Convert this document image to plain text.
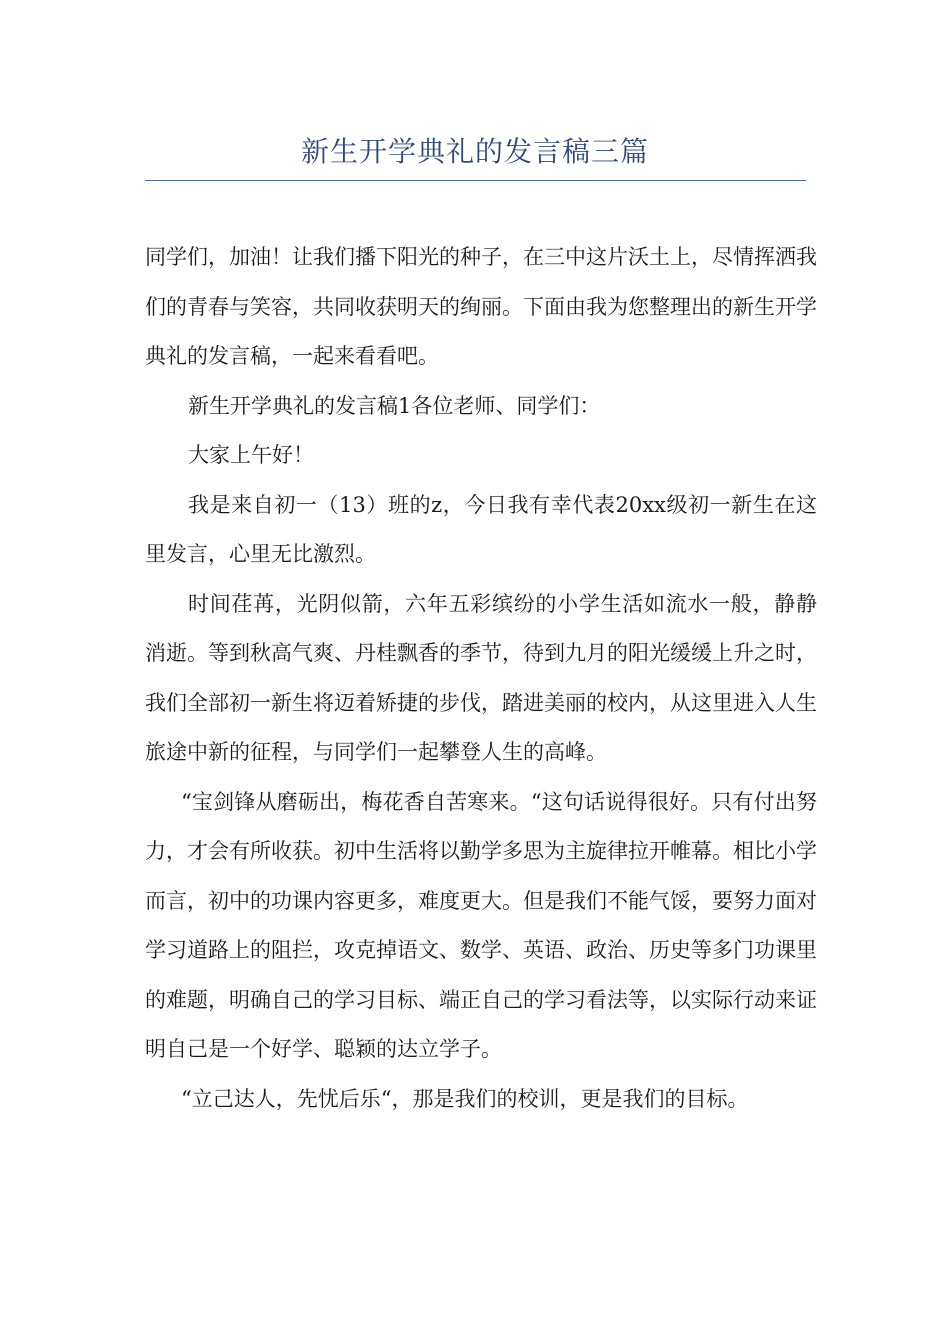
新生开学典礼的发言稿三篇

同学们，加油！让我们播下阳光的种子，在三中这片沃土上，尽情挥洒我们的青春与笑容，共同收获明天的绚丽。下面由我为您整理出的新生开学典礼的发言稿，一起来看看吧。

新生开学典礼的发言稿1各位老师、同学们：

大家上午好！

我是来自初一（13）班的z，今日我有幸代表20xx级初一新生在这里发言，心里无比激烈。

时间荏苒，光阴似箭，六年五彩缤纷的小学生活如流水一般，静静消逝。等到秋高气爽、丹桂飘香的季节，待到九月的阳光缓缓上升之时，我们全部初一新生将迈着矫捷的步伐，踏进美丽的校内，从这里进入人生旅途中新的征程，与同学们一起攀登人生的高峰。

“宝剑锋从磨砺出，梅花香自苦寒来。“这句话说得很好。只有付出努力，才会有所收获。初中生活将以勤学多思为主旋律拉开帷幕。相比小学而言，初中的功课内容更多，难度更大。但是我们不能气馁，要努力面对学习道路上的阻拦，攻克掉语文、数学、英语、政治、历史等多门功课里的难题，明确自己的学习目标、端正自己的学习看法等，以实际行动来证明自己是一个好学、聪颖的达立学子。

“立己达人，先忧后乐“，那是我们的校训，更是我们的目标。
